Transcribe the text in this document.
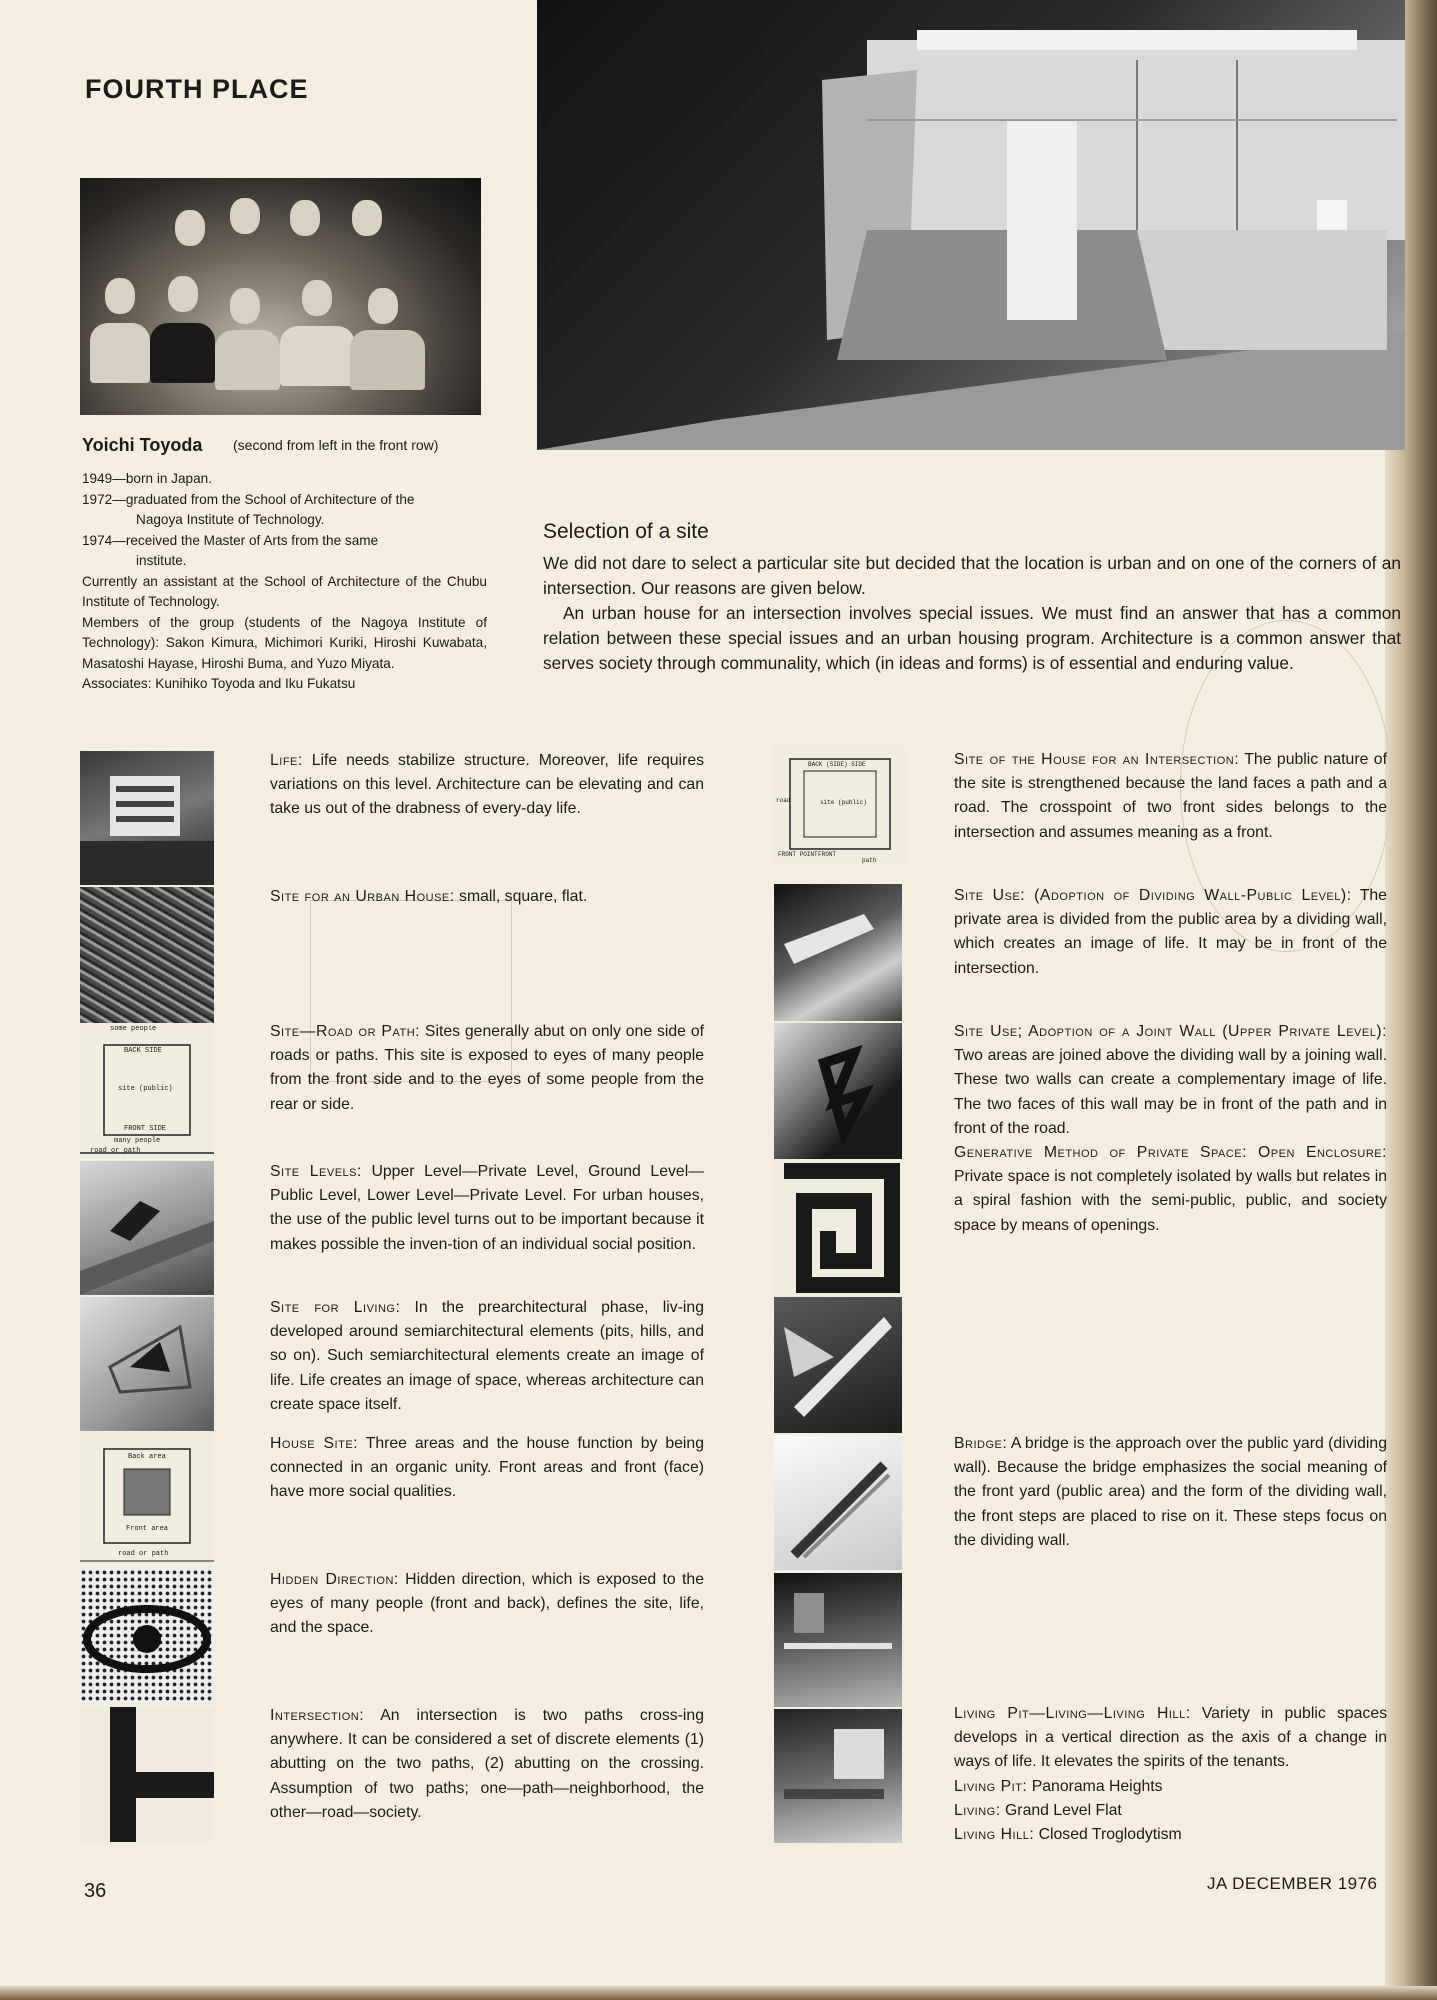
FOURTH PLACE
Yoichi Toyoda (second from left in the front row)

1949—born in Japan.

1972—graduated from the School of Architecture of the

Nagoya Institute of Technology.

1974—received the Master of Arts from the same

institute.

Currently an assistant at the School of Architecture of the Chubu Institute of Technology.

Members of the group (students of the Nagoya Institute of Technology): Sakon Kimura, Michimori Kuriki, Hiroshi Kuwabata, Masatoshi Hayase, Hiroshi Buma, and Yuzo Miyata.

Associates: Kunihiko Toyoda and Iku Fukatsu

Selection of a site

We did not dare to select a particular site but decided that the location is urban and on one of the corners of an intersection. Our reasons are given below.

An urban house for an intersection involves special issues. We must find an answer that has a common relation between these special issues and an urban housing program. Architecture is a common answer that serves society through communality, which (in ideas and forms) is of essential and enduring value.

some people
BACK SIDE
site (public)
FRONT SIDE
many people
road or path
Back area
Front area
road or path
BACK (SIDE) SIDE
site (public)
FRONT POINT FRONT
path
road

Life: Life needs stabilize structure. Moreover, life requires variations on this level. Architecture can be elevating and can take us out of the drabness of every-day life.

Site for an Urban House: small, square, flat.

Site—Road or Path: Sites generally abut on only one side of roads or paths. This site is exposed to eyes of many people from the front side and to the eyes of some people from the rear or side.

Site Levels: Upper Level—Private Level, Ground Level—Public Level, Lower Level—Private Level. For urban houses, the use of the public level turns out to be important because it makes possible the inven-tion of an individual social position.

Site for Living: In the prearchitectural phase, liv-ing developed around semiarchitectural elements (pits, hills, and so on). Such semiarchitectural elements create an image of life. Life creates an image of space, whereas architecture can create space itself.

House Site: Three areas and the house function by being connected in an organic unity. Front areas and front (face) have more social qualities.

Hidden Direction: Hidden direction, which is exposed to the eyes of many people (front and back), defines the site, life, and the space.

Intersection: An intersection is two paths cross-ing anywhere. It can be considered a set of discrete elements (1) abutting on the two paths, (2) abutting on the crossing. Assumption of two paths; one—path—neighborhood, the other—road—society.

Site of the House for an Intersection: The public nature of the site is strengthened because the land faces a path and a road. The crosspoint of two front sides belongs to the intersection and assumes meaning as a front.

Site Use: (Adoption of Dividing Wall-Public Level): The private area is divided from the public area by a dividing wall, which creates an image of life. It may be in front of the intersection.

Site Use; Adoption of a Joint Wall (Upper Private Level): Two areas are joined above the dividing wall by a joining wall. These two walls can create a complementary image of life. The two faces of this wall may be in front of the path and in front of the road.

Generative Method of Private Space: Open Enclosure: Private space is not completely isolated by walls but relates in a spiral fashion with the semi-public, public, and society space by means of openings.

Bridge: A bridge is the approach over the public yard (dividing wall). Because the bridge emphasizes the social meaning of the front yard (public area) and the form of the dividing wall, the front steps are placed to rise on it. These steps focus on the dividing wall.

Living Pit—Living—Living Hill: Variety in public spaces develops in a vertical direction as the axis of a change in ways of life. It elevates the spirits of the tenants.

Living Pit: Panorama Heights

Living: Grand Level Flat

Living Hill: Closed Troglodytism

36	JA DECEMBER 1976
